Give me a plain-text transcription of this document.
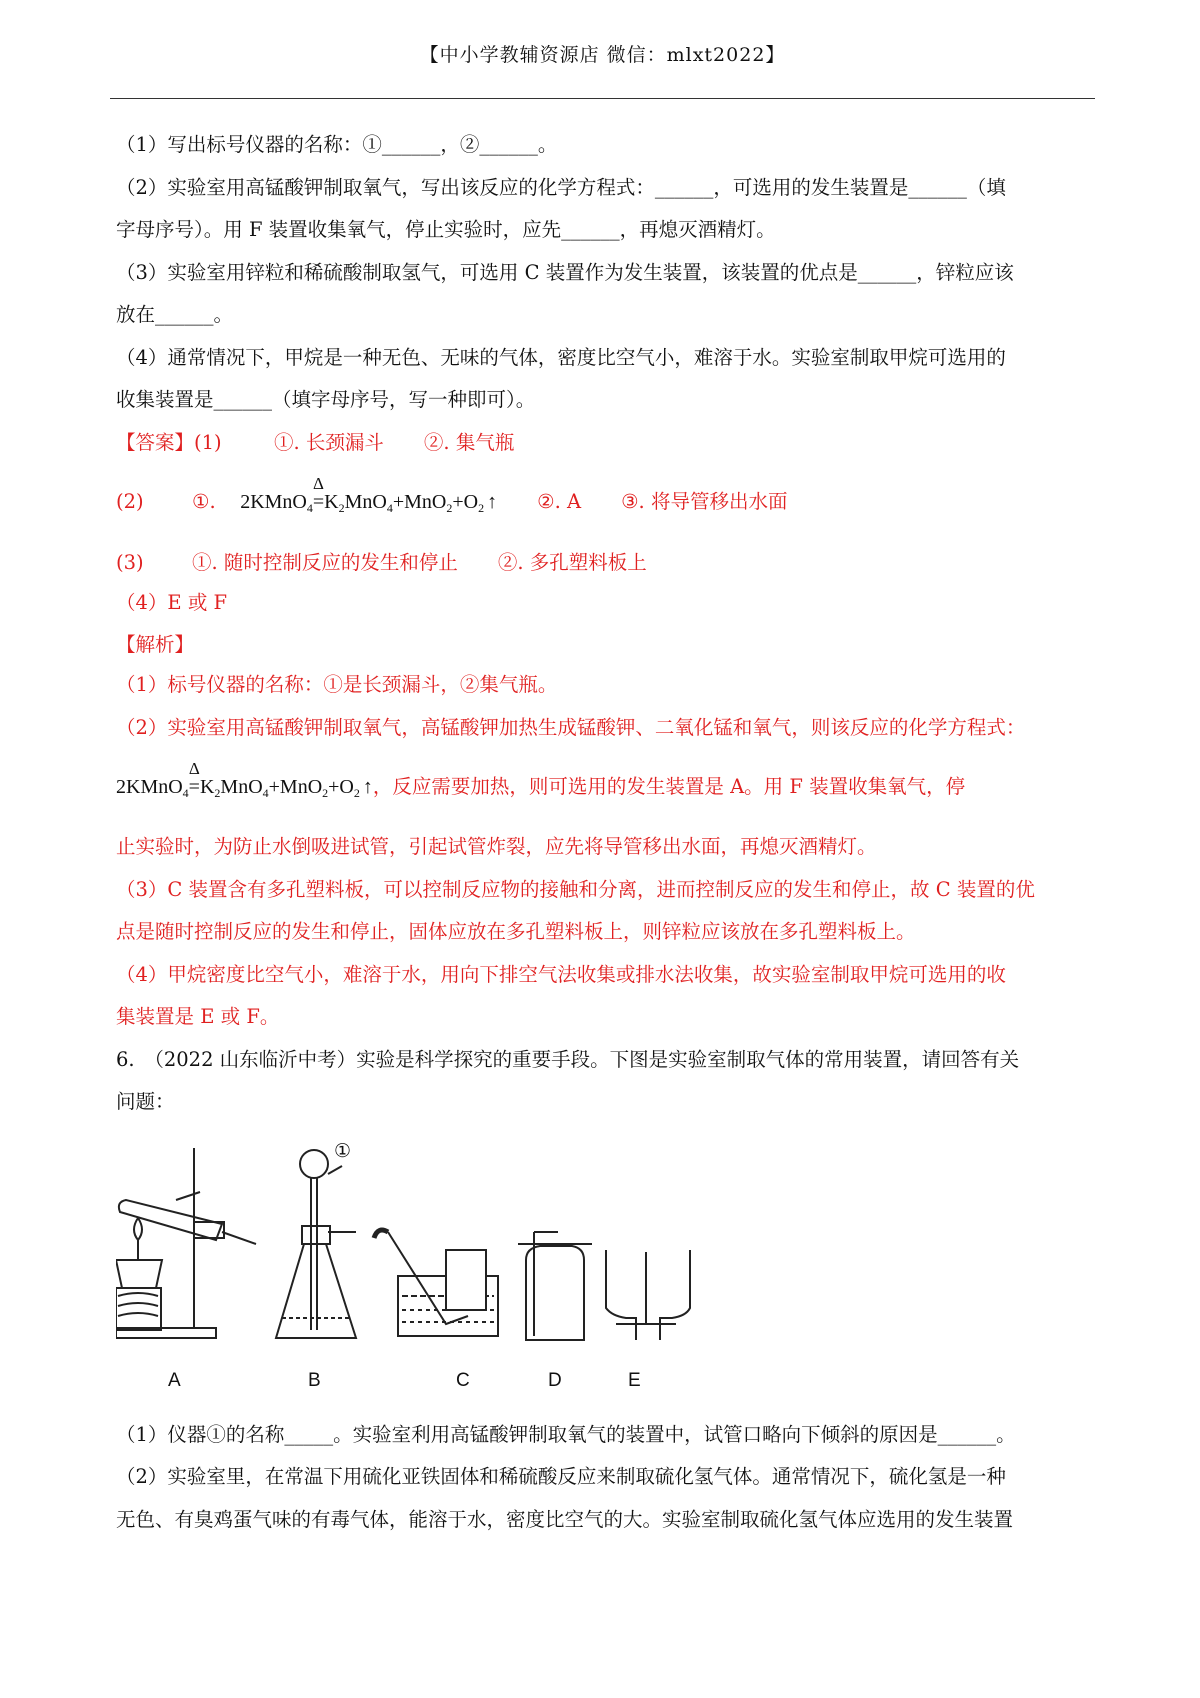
【中小学教辅资源店 微信：mlxt2022】
（1）写出标号仪器的名称：①______，②______。
（2）实验室用高锰酸钾制取氧气，写出该反应的化学方程式：______，可选用的发生装置是______（填
字母序号）。用 F 装置收集氧气，停止实验时，应先______，再熄灭酒精灯。
（3）实验室用锌粒和稀硫酸制取氢气，可选用 C 装置作为发生装置，该装置的优点是______，锌粒应该
放在______。
（4）通常情况下，甲烷是一种无色、无味的气体，密度比空气小，难溶于水。实验室制取甲烷可选用的
收集装置是______（填字母序号，写一种即可）。
【答案】(1)	①. 长颈漏斗 ②. 集气瓶
(2) ①. 2KMnO$_4$
Δ
$=K_2MnO_4+MnO_2+O_2$ ↑ ②. A ③. 将导管移出水面
(3) ①. 随时控制反应的发生和停止 ②. 多孔塑料板上
（4）E 或 F
【解析】
（1）标号仪器的名称：①是长颈漏斗，②集气瓶。
（2）实验室用高锰酸钾制取氧气，高锰酸钾加热生成锰酸钾、二氧化锰和氧气，则该反应的化学方程式：
2KMnO$_4$
Δ
$=K_2MnO_4+MnO_2+O_2$ ↑，反应需要加热，则可选用的发生装置是 A。用 F 装置收集氧气，停
止实验时，为防止水倒吸进试管，引起试管炸裂，应先将导管移出水面，再熄灭酒精灯。
（3）C 装置含有多孔塑料板，可以控制反应物的接触和分离，进而控制反应的发生和停止，故 C 装置的优
点是随时控制反应的发生和停止，固体应放在多孔塑料板上，则锌粒应该放在多孔塑料板上。
（4）甲烷密度比空气小，难溶于水，用向下排空气法收集或排水法收集，故实验室制取甲烷可选用的收
集装置是 E 或 F。
6.　（2022 山东临沂中考）实验是科学探究的重要手段。下图是实验室制取气体的常用装置，请回答有关
问题：
①
A	B	C	D	E
（1）仪器①的名称_____。实验室利用高锰酸钾制取氧气的装置中，试管口略向下倾斜的原因是______。
（2）实验室里，在常温下用硫化亚铁固体和稀硫酸反应来制取硫化氢气体。通常情况下，硫化氢是一种
无色、有臭鸡蛋气味的有毒气体，能溶于水，密度比空气的大。实验室制取硫化氢气体应选用的发生装置
